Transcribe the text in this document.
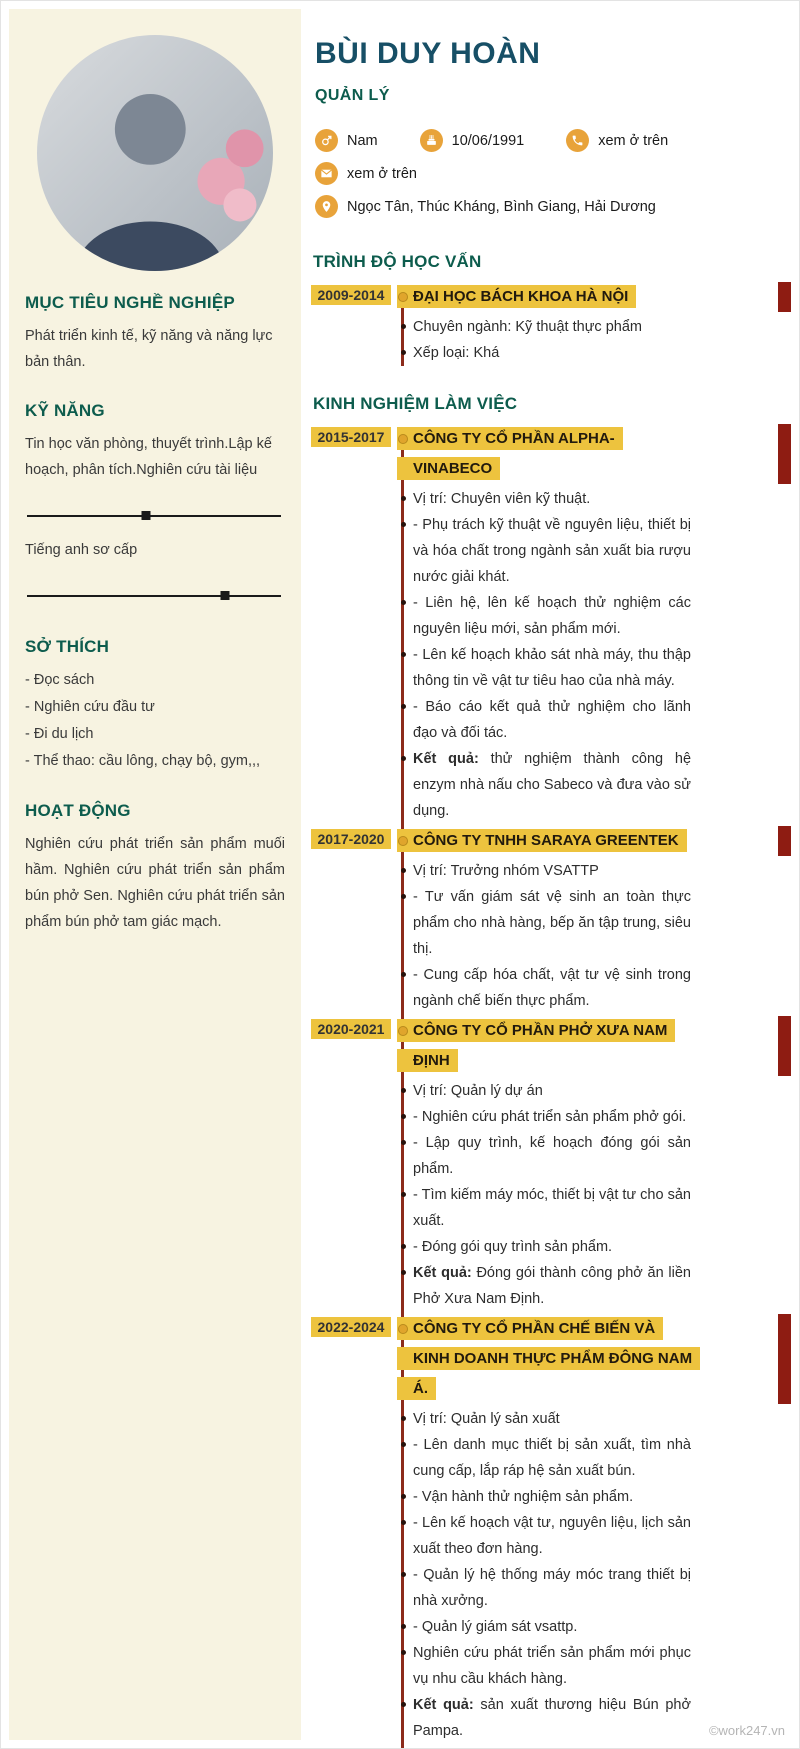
MỤC TIÊU NGHỀ NGHIỆP

Phát triển kinh tế, kỹ năng và năng lực bản thân.

KỸ NĂNG

Tin học văn phòng, thuyết trình.Lập kế hoạch, phân tích.Nghiên cứu tài liệu

Tiếng anh sơ cấp

SỞ THÍCH

- Đọc sách

- Nghiên cứu đầu tư

- Đi du lịch

- Thể thao: cầu lông, chạy bộ, gym,,,

HOẠT ĐỘNG

Nghiên cứu phát triển sản phẩm muối hầm. Nghiên cứu phát triển sản phẩm bún phở Sen. Nghiên cứu phát triển sản phẩm bún phở tam giác mạch.

BÙI DUY HOÀN
QUẢN LÝ
Nam	10/06/1991	xem ở trên
xem ở trên
Ngọc Tân, Thúc Kháng, Bình Giang, Hải Dương
TRÌNH ĐỘ HỌC VẤN
2009-2014	ĐẠI HỌC BÁCH KHOA HÀ NỘI

Chuyên ngành: Kỹ thuật thực phẩm

Xếp loại: Khá

KINH NGHIỆM LÀM VIỆC
2015-2017	CÔNG TY CỔ PHẦN ALPHA-VINABECO

Vị trí: Chuyên viên kỹ thuật.

- Phụ trách kỹ thuật về nguyên liệu, thiết bị và hóa chất trong ngành sản xuất bia rượu nước giải khát.

- Liên hệ, lên kế hoạch thử nghiệm các nguyên liệu mới, sản phẩm mới.

- Lên kế hoạch khảo sát nhà máy, thu thập thông tin về vật tư tiêu hao của nhà máy.

- Báo cáo kết quả thử nghiệm cho lãnh đạo và đối tác.

Kết quả: thử nghiệm thành công hệ enzym nhà nấu cho Sabeco và đưa vào sử dụng.

2017-2020	CÔNG TY TNHH SARAYA GREENTEK

Vị trí: Trưởng nhóm VSATTP

- Tư vấn giám sát vệ sinh an toàn thực phẩm cho nhà hàng, bếp ăn tập trung, siêu thị.

- Cung cấp hóa chất, vật tư vệ sinh trong ngành chế biến thực phẩm.

2020-2021	CÔNG TY CỔ PHẦN PHỞ XƯA NAM ĐỊNH

Vị trí: Quản lý dự án

- Nghiên cứu phát triển sản phẩm phở gói.

- Lập quy trình, kế hoạch đóng gói sản phẩm.

- Tìm kiếm máy móc, thiết bị vật tư cho sản xuất.

- Đóng gói quy trình sản phẩm.

Kết quả: Đóng gói thành công phở ăn liền Phở Xưa Nam Định.

2022-2024	CÔNG TY CỔ PHẦN CHẾ BIẾN VÀ KINH DOANH THỰC PHẨM ĐÔNG NAM Á.

Vị trí: Quản lý sản xuất

- Lên danh mục thiết bị sản xuất, tìm nhà cung cấp, lắp ráp hệ sản xuất bún.

- Vận hành thử nghiệm sản phẩm.

- Lên kế hoạch vật tư, nguyên liệu, lịch sản xuất theo đơn hàng.

- Quản lý hệ thống máy móc trang thiết bị nhà xưởng.

- Quản lý giám sát vsattp.

Nghiên cứu phát triển sản phẩm mới phục vụ nhu cầu khách hàng.

Kết quả: sản xuất thương hiệu Bún phở Pampa.	©work247.vn
